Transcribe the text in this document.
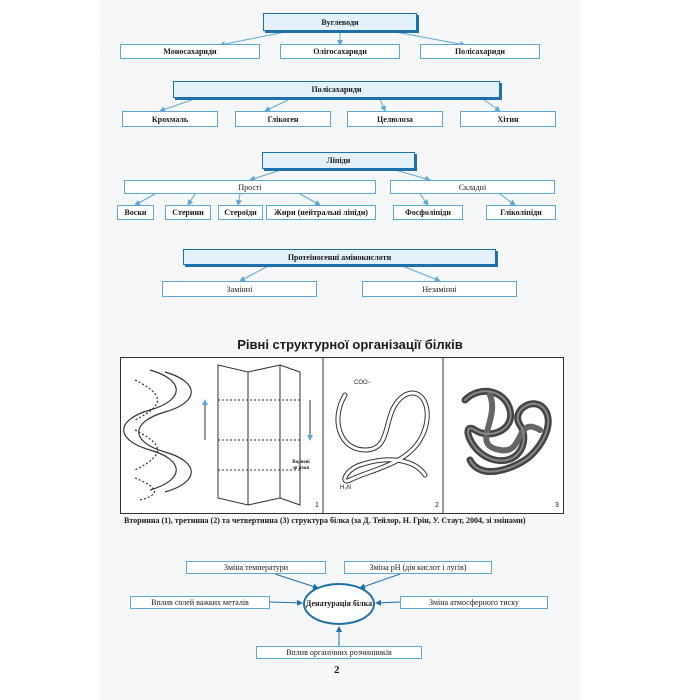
Вуглеводи
Моносахариди	Олігосахариди	Полісахариди
Полісахариди
Крохмаль	Глікоген	Целюлоза	Хітин
Ліпіди
Прості	Складні
Воски	Стерини	Стероїди	Жири (нейтральні ліпіди)	Фосфоліпіди	Гліколіпіди
Протеїногенні амінокислоти
Замінні	Незамінні
Рівні структурної організації білків
1	2	3
Водневі зв'язки
COO−
H₃N
Вторинна (1), третинна (2) та четвертинна (3) структура білка (за Д. Тейлор, Н. Грін, У. Стаут, 2004, зі змінами)
Зміна температури	Зміна pH (дія кислот і лугів)
Вплив солей важких металів	Зміна атмосферного тиску
Вплив органічних розчинників
Денатурація білка
2
